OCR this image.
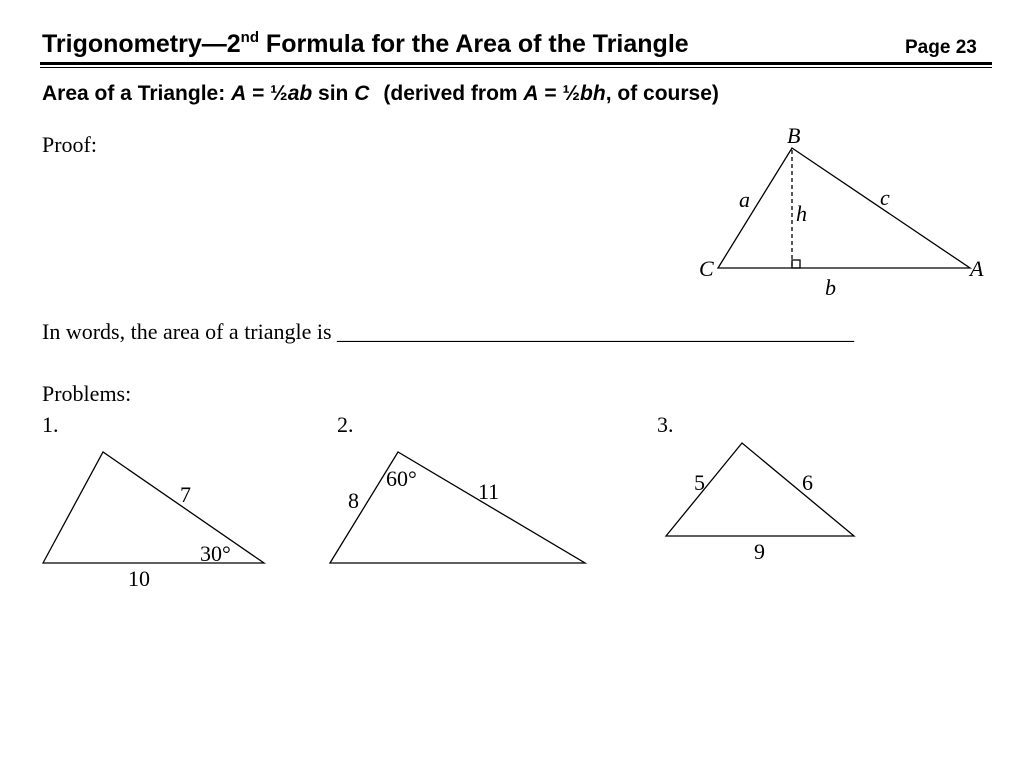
Trigonometry—2nd Formula for the Area of the Triangle	Page 23
Area of a Triangle: A = ½ab sin C (derived from A = ½bh, of course)
Proof:
In words, the area of a triangle is _______________________________________________
Problems:
1.	2.	3.
B
C	A
a	c
h
b
7
30°
10
60°
8	11	5	6
9
